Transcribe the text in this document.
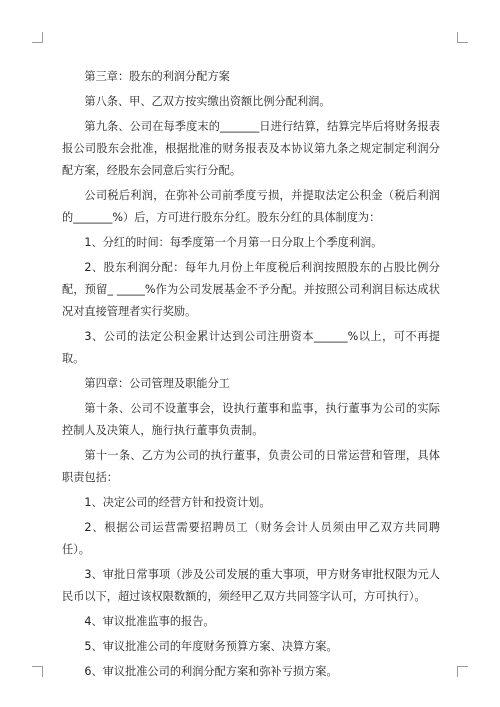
第三章：股东的利润分配方案

第八条、甲、乙双方按实缴出资额比例分配利润。

第九条、公司在每季度末的_______日进行结算，结算完毕后将财务报表报公司股东会批准，根据批准的财务报表及本协议第九条之规定制定利润分配方案，经股东会同意后实行分配。

公司税后利润，在弥补公司前季度亏损，并提取法定公积金（税后利润的_______%）后，方可进行股东分红。股东分红的具体制度为：

1、分红的时间：每季度第一个月第一日分取上个季度利润。

2、股东利润分配：每年九月份上年度税后利润按照股东的占股比例分配，预留_ _____%作为公司发展基金不予分配。并按照公司利润目标达成状况对直接管理者实行奖励。

3、公司的法定公积金累计达到公司注册资本______%以上，可不再提取。

第四章：公司管理及职能分工

第十条、公司不设董事会，设执行董事和监事，执行董事为公司的实际控制人及决策人，施行执行董事负责制。

第十一条、乙方为公司的执行董事，负责公司的日常运营和管理，具体职责包括：

1、决定公司的经营方针和投资计划。

2、根据公司运营需要招聘员工（财务会计人员须由甲乙双方共同聘任）。

3、审批日常事项（涉及公司发展的重大事项，甲方财务审批权限为元人民币以下，超过该权限数额的，须经甲乙双方共同签字认可，方可执行）。

4、审议批准监事的报告。

5、审议批准公司的年度财务预算方案、决算方案。

6、审议批准公司的利润分配方案和弥补亏损方案。
